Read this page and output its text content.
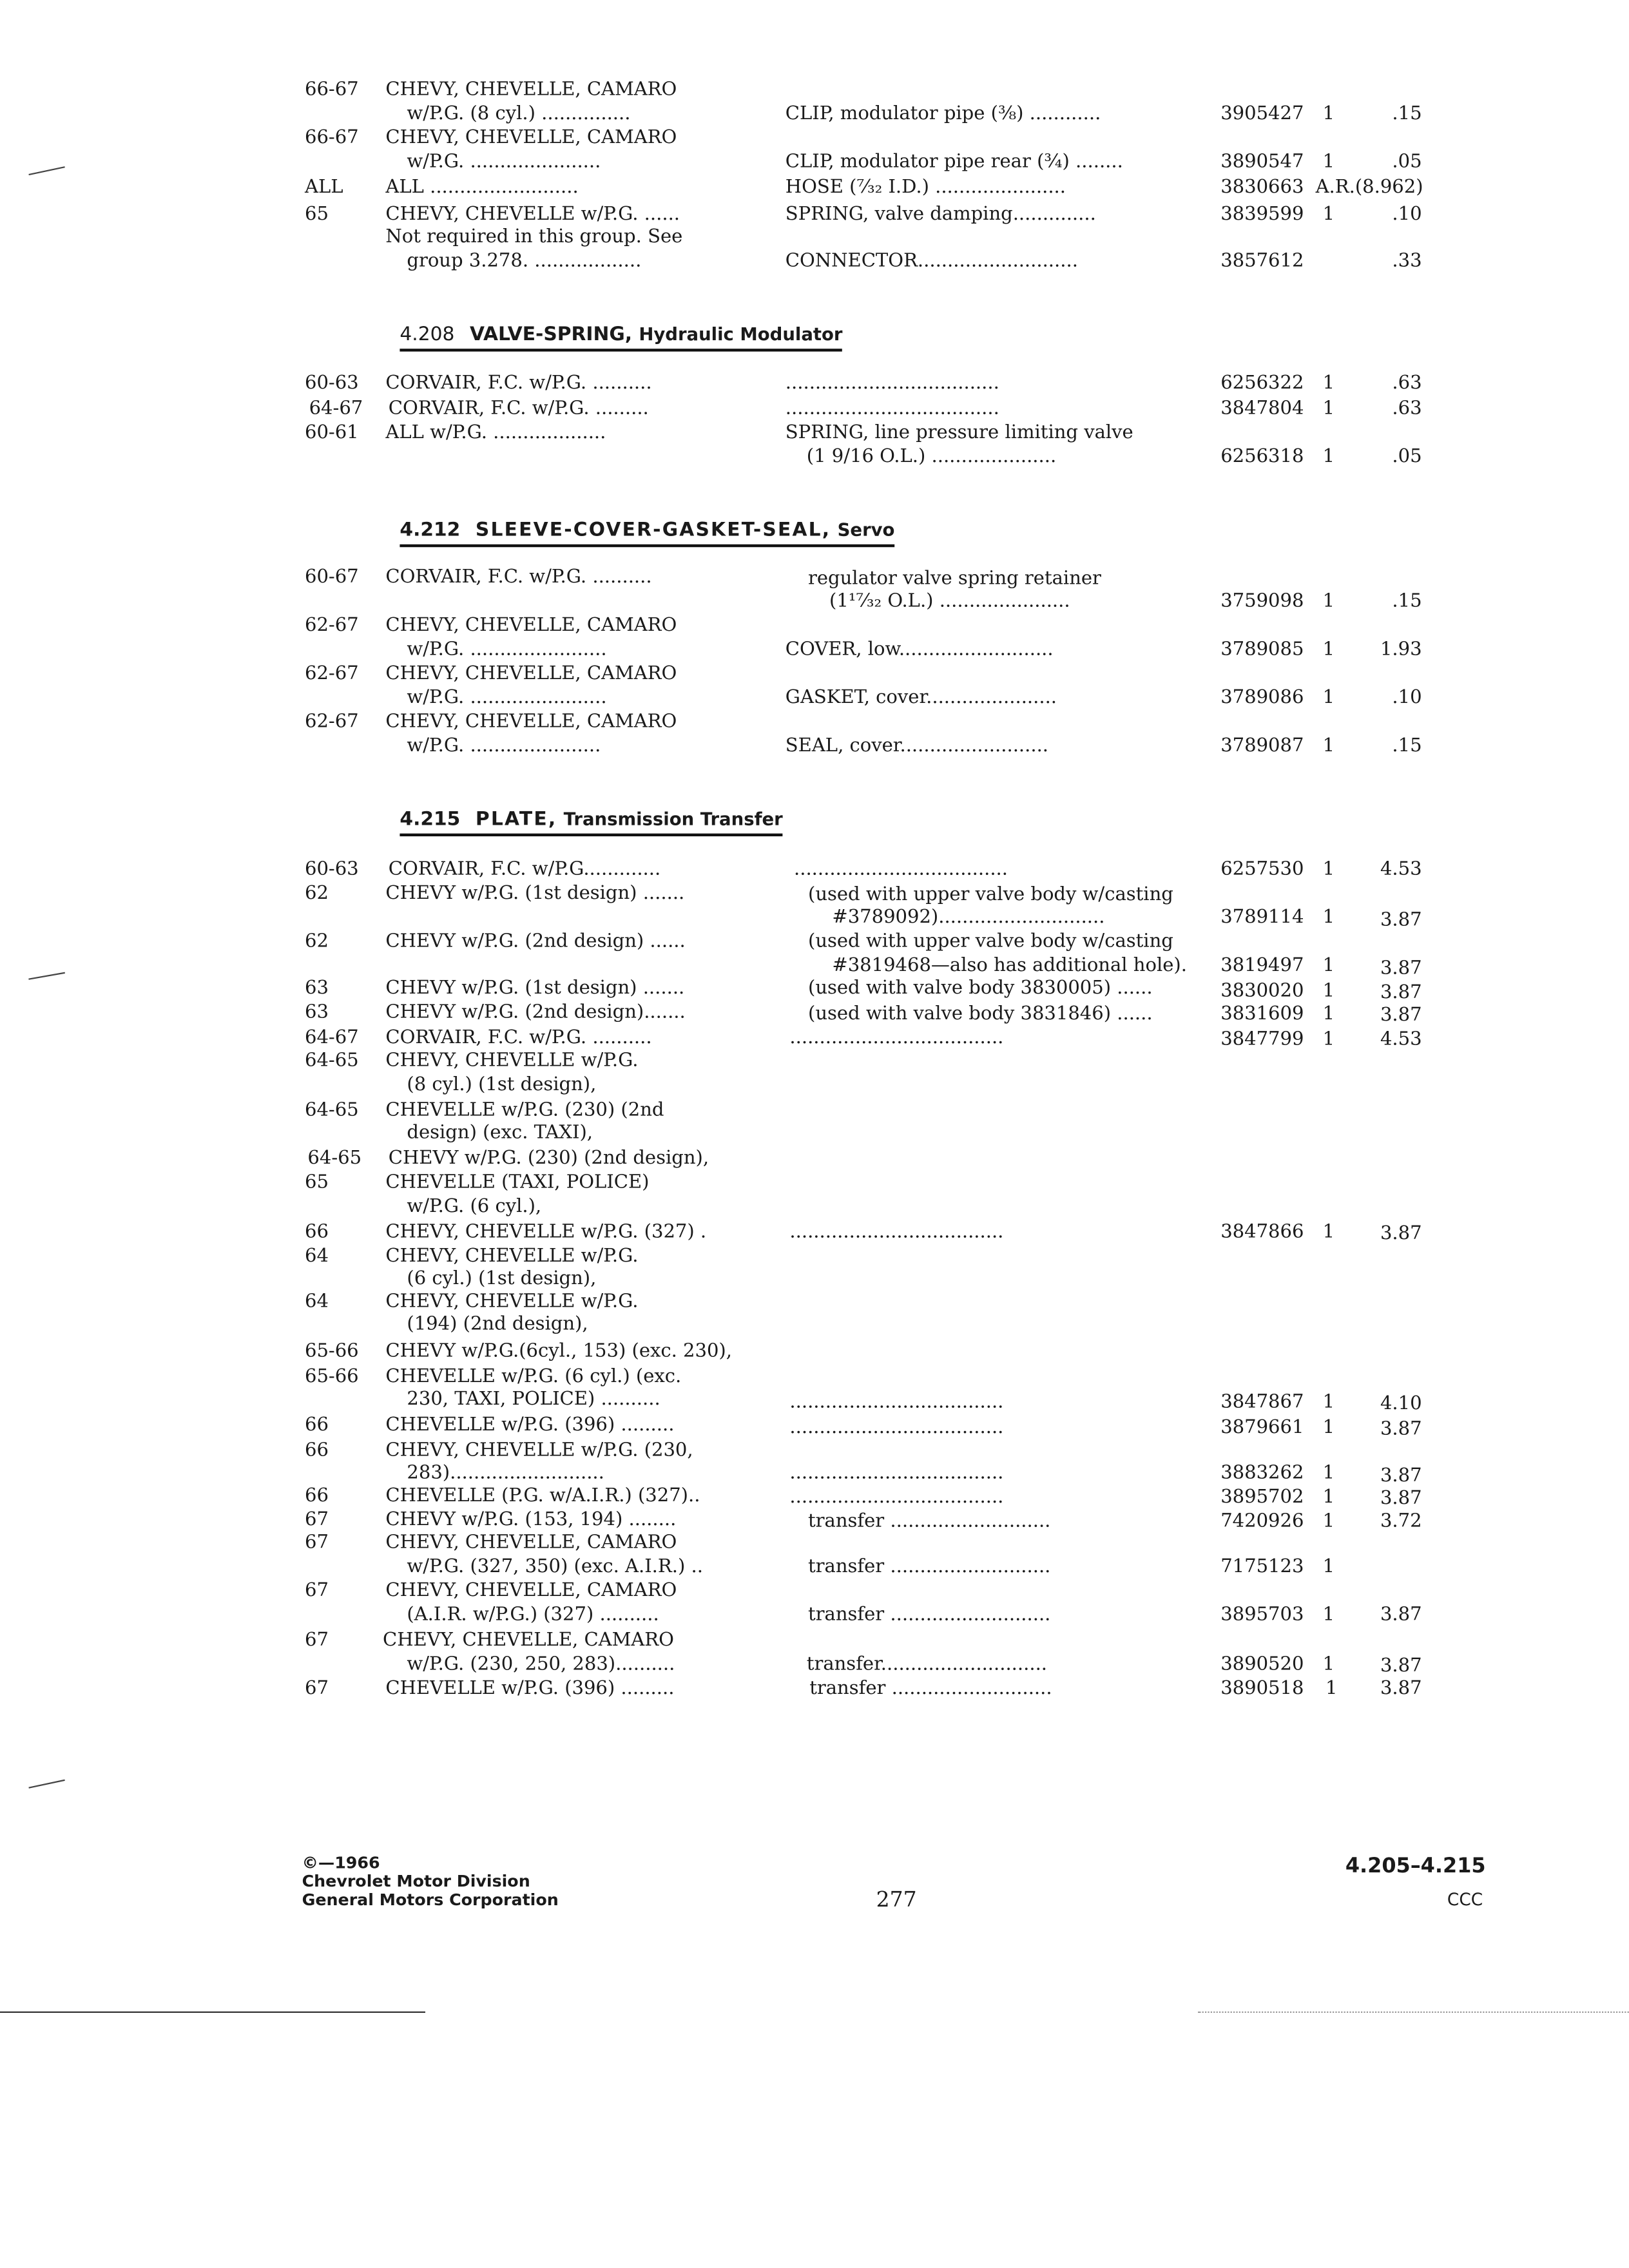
66-67	CHEVY, CHEVELLE, CAMARO
w/P.G. (8 cyl.) ...............	CLIP, modulator pipe (⅜) ............	3905427 1	.15
66-67	CHEVY, CHEVELLE, CAMARO
w/P.G. ......................	CLIP, modulator pipe rear (¾) ........	3890547 1	.05
ALL	ALL .........................	HOSE (⁷⁄₃₂ I.D.) ......................	3830663 A.R.(8.962)
65	CHEVY, CHEVELLE w/P.G. ......	SPRING, valve damping..............	3839599 1	.10
Not required in this group. See
group 3.278. ..................	CONNECTOR...........................	3857612	.33
4.208 VALVE-SPRING, Hydraulic Modulator
60-63	CORVAIR, F.C. w/P.G. ..........	....................................	6256322 1	.63
64-67	CORVAIR, F.C. w/P.G. .........	....................................	3847804 1	.63
60-61	ALL w/P.G. ...................	SPRING, line pressure limiting valve
(1 9/16 O.L.) .....................	6256318 1	.05
4.212 SLEEVE-COVER-GASKET-SEAL, Servo
60-67	CORVAIR, F.C. w/P.G. ..........	regulator valve spring retainer
(1¹⁷⁄₃₂ O.L.) ......................	3759098 1	.15
62-67	CHEVY, CHEVELLE, CAMARO
w/P.G. .......................	COVER, low..........................	3789085 1	1.93
62-67	CHEVY, CHEVELLE, CAMARO
w/P.G. .......................	GASKET, cover......................	3789086 1	.10
62-67	CHEVY, CHEVELLE, CAMARO
w/P.G. ......................	SEAL, cover.........................	3789087 1	.15
4.215 PLATE, Transmission Transfer
60-63	CORVAIR, F.C. w/P.G.............	....................................	6257530 1	4.53
62	CHEVY w/P.G. (1st design) .......	(used with upper valve body w/casting
#3789092)............................	3789114 1	3.87
62	CHEVY w/P.G. (2nd design) ......	(used with upper valve body w/casting
#3819468—also has additional hole).	3819497 1	3.87
63	CHEVY w/P.G. (1st design) .......	(used with valve body 3830005) ......	3830020 1	3.87
63	CHEVY w/P.G. (2nd design).......	(used with valve body 3831846) ......	3831609 1	3.87
64-67	CORVAIR, F.C. w/P.G. ..........	....................................	3847799 1	4.53
64-65	CHEVY, CHEVELLE w/P.G.
(8 cyl.) (1st design),
64-65	CHEVELLE w/P.G. (230) (2nd
design) (exc. TAXI),
64-65	CHEVY w/P.G. (230) (2nd design),
65	CHEVELLE (TAXI, POLICE)
w/P.G. (6 cyl.),
66	CHEVY, CHEVELLE w/P.G. (327) .	....................................	3847866 1	3.87
64	CHEVY, CHEVELLE w/P.G.
(6 cyl.) (1st design),
64	CHEVY, CHEVELLE w/P.G.
(194) (2nd design),
65-66	CHEVY w/P.G.(6cyl., 153) (exc. 230),
65-66	CHEVELLE w/P.G. (6 cyl.) (exc.
230, TAXI, POLICE) ..........	....................................	3847867 1	4.10
66	CHEVELLE w/P.G. (396) .........	....................................	3879661 1	3.87
66	CHEVY, CHEVELLE w/P.G. (230,
283)..........................	....................................	3883262 1	3.87
66	CHEVELLE (P.G. w/A.I.R.) (327)..	....................................	3895702 1	3.87
67	CHEVY w/P.G. (153, 194) ........	transfer ...........................	7420926 1	3.72
67	CHEVY, CHEVELLE, CAMARO
w/P.G. (327, 350) (exc. A.I.R.) ..	transfer ...........................	7175123 1
67	CHEVY, CHEVELLE, CAMARO
(A.I.R. w/P.G.) (327) ..........	transfer ...........................	3895703 1	3.87
67	CHEVY, CHEVELLE, CAMARO
w/P.G. (230, 250, 283)..........	transfer............................	3890520 1	3.87
67	CHEVELLE w/P.G. (396) .........	transfer ...........................	3890518	1	3.87
©—1966
Chevrolet Motor Division
General Motors Corporation	277
4.205–4.215
CCC
